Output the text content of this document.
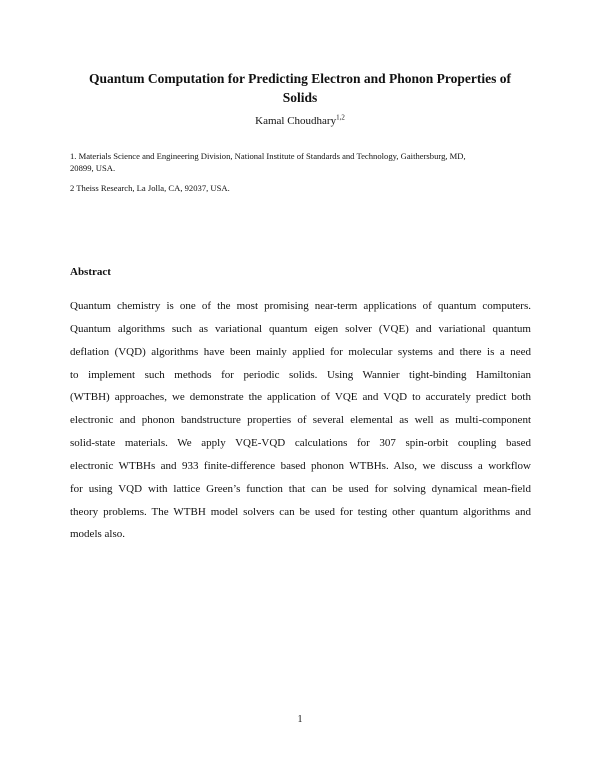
Quantum Computation for Predicting Electron and Phonon Properties of
Solids
Kamal Choudhary$^{1,2}$
1. Materials Science and Engineering Division, National Institute of Standards and Technology, Gaithersburg, MD,
20899, USA.
2 Theiss Research, La Jolla, CA, 92037, USA.
Abstract
Quantum chemistry is one of the most promising near-term applications of quantum computers.
Quantum algorithms such as variational quantum eigen solver (VQE) and variational quantum
deflation (VQD) algorithms have been mainly applied for molecular systems and there is a need
to implement such methods for periodic solids. Using Wannier tight-binding Hamiltonian
(WTBH) approaches, we demonstrate the application of VQE and VQD to accurately predict both
electronic and phonon bandstructure properties of several elemental as well as multi-component
solid-state materials. We apply VQE-VQD calculations for 307 spin-orbit coupling based
electronic WTBHs and 933 finite-difference based phonon WTBHs. Also, we discuss a workflow
for using VQD with lattice Green’s function that can be used for solving dynamical mean-field
theory problems. The WTBH model solvers can be used for testing other quantum algorithms and
models also.
1
